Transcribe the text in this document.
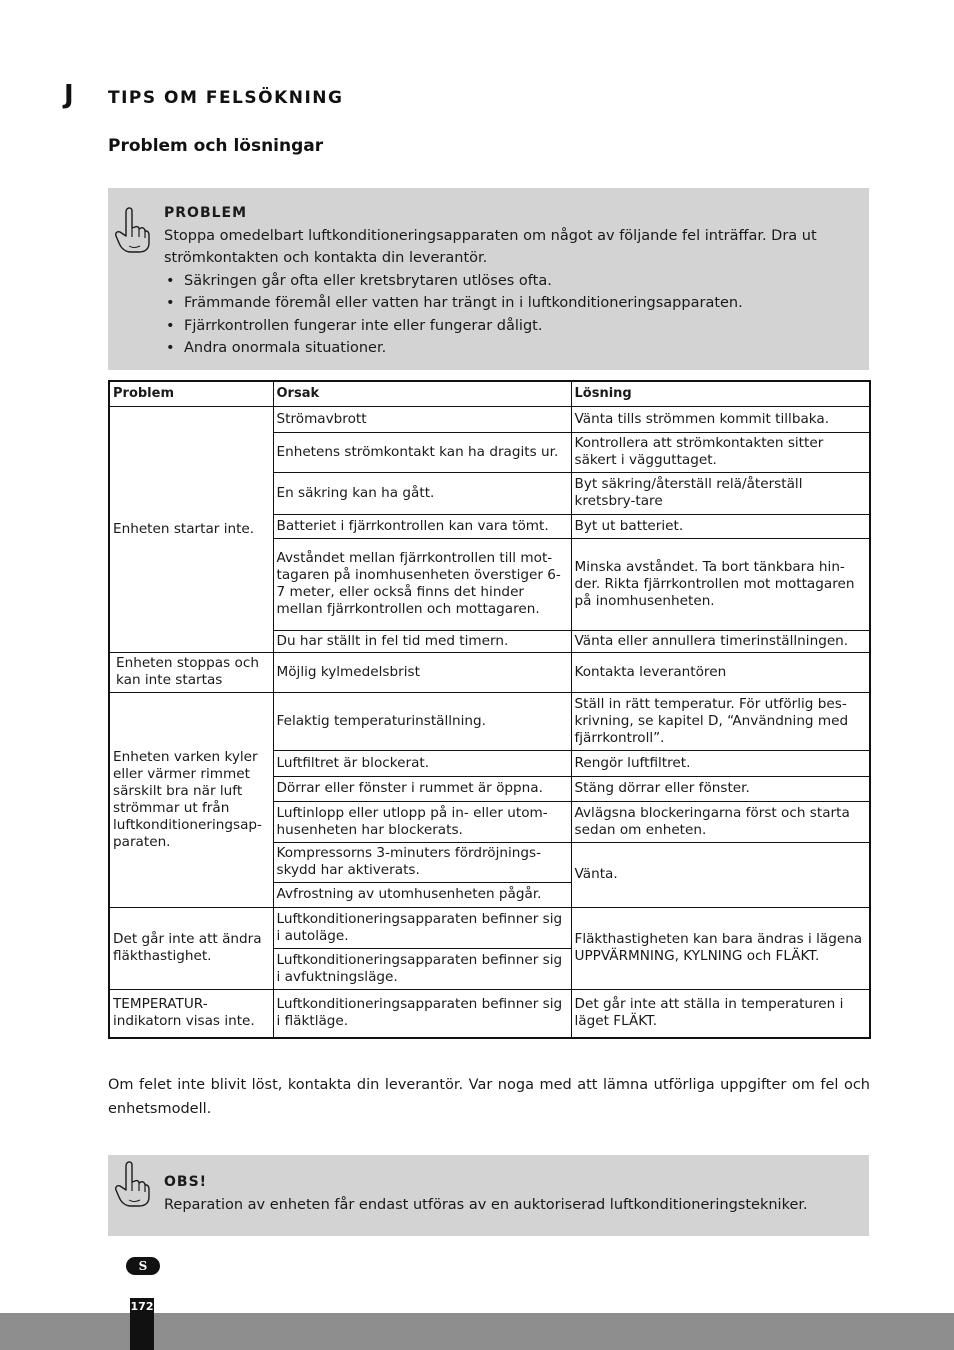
J TIPS OM FELSÖKNING
Problem och lösningar
PROBLEM
Stoppa omedelbart luftkonditioneringsapparaten om något av följande fel inträffar. Dra ut strömkontakten och kontakta din leverantör.
• Säkringen går ofta eller kretsbrytaren utlöses ofta.
• Främmande föremål eller vatten har trängt in i luftkonditioneringsapparaten.
• Fjärrkontrollen fungerar inte eller fungerar dåligt.
• Andra onormala situationer.
Problem	Orsak	Lösning
Enheten startar inte.	Strömavbrott	Vänta tills strömmen kommit tillbaka.
	Enhetens strömkontakt kan ha dragits ur.	Kontrollera att strömkontakten sitter säkert i vägguttaget.
	En säkring kan ha gått.	Byt säkring/återställ relä/återställ kretsbry-tare
	Batteriet i fjärrkontrollen kan vara tömt.	Byt ut batteriet.
	Avståndet mellan fjärrkontrollen till mot-tagaren på inomhusenheten överstiger 6-7 meter, eller också finns det hinder mellan fjärrkontrollen och mottagaren.	Minska avståndet. Ta bort tänkbara hin-der. Rikta fjärrkontrollen mot mottagaren på inomhusenheten.
	Du har ställt in fel tid med timern.	Vänta eller annullera timerinställningen.
Enheten stoppas och kan inte startas	Möjlig kylmedelsbrist	Kontakta leverantören
Enheten varken kyler eller värmer rimmet särskilt bra när luft strömmar ut från luftkonditioneringsap-paraten.	Felaktig temperaturinställning.	Ställ in rätt temperatur. För utförlig bes-krivning, se kapitel D, “Användning med fjärrkontroll”.
	Luftfiltret är blockerat.	Rengör luftfiltret.
	Dörrar eller fönster i rummet är öppna.	Stäng dörrar eller fönster.
	Luftinlopp eller utlopp på in- eller utom-husenheten har blockerats.	Avlägsna blockeringarna först och starta sedan om enheten.
	Kompressorns 3-minuters fördröjnings-skydd har aktiverats.	Vänta.
	Avfrostning av utomhusenheten pågår.	
Det går inte att ändra fläkthastighet.	Luftkonditioneringsapparaten befinner sig i autoläge.	Fläkthastigheten kan bara ändras i lägena UPPVÄRMNING, KYLNING och FLÄKT.
	Luftkonditioneringsapparaten befinner sig i avfuktningsläge.	
TEMPERATUR-indikatorn visas inte.	Luftkonditioneringsapparaten befinner sig i fläktläge.	Det går inte att ställa in temperaturen i läget FLÄKT.
Om felet inte blivit löst, kontakta din leverantör. Var noga med att lämna utförliga uppgifter om fel och enhetsmodell.
OBS!
Reparation av enheten får endast utföras av en auktoriserad luftkonditioneringstekniker.
S
172
